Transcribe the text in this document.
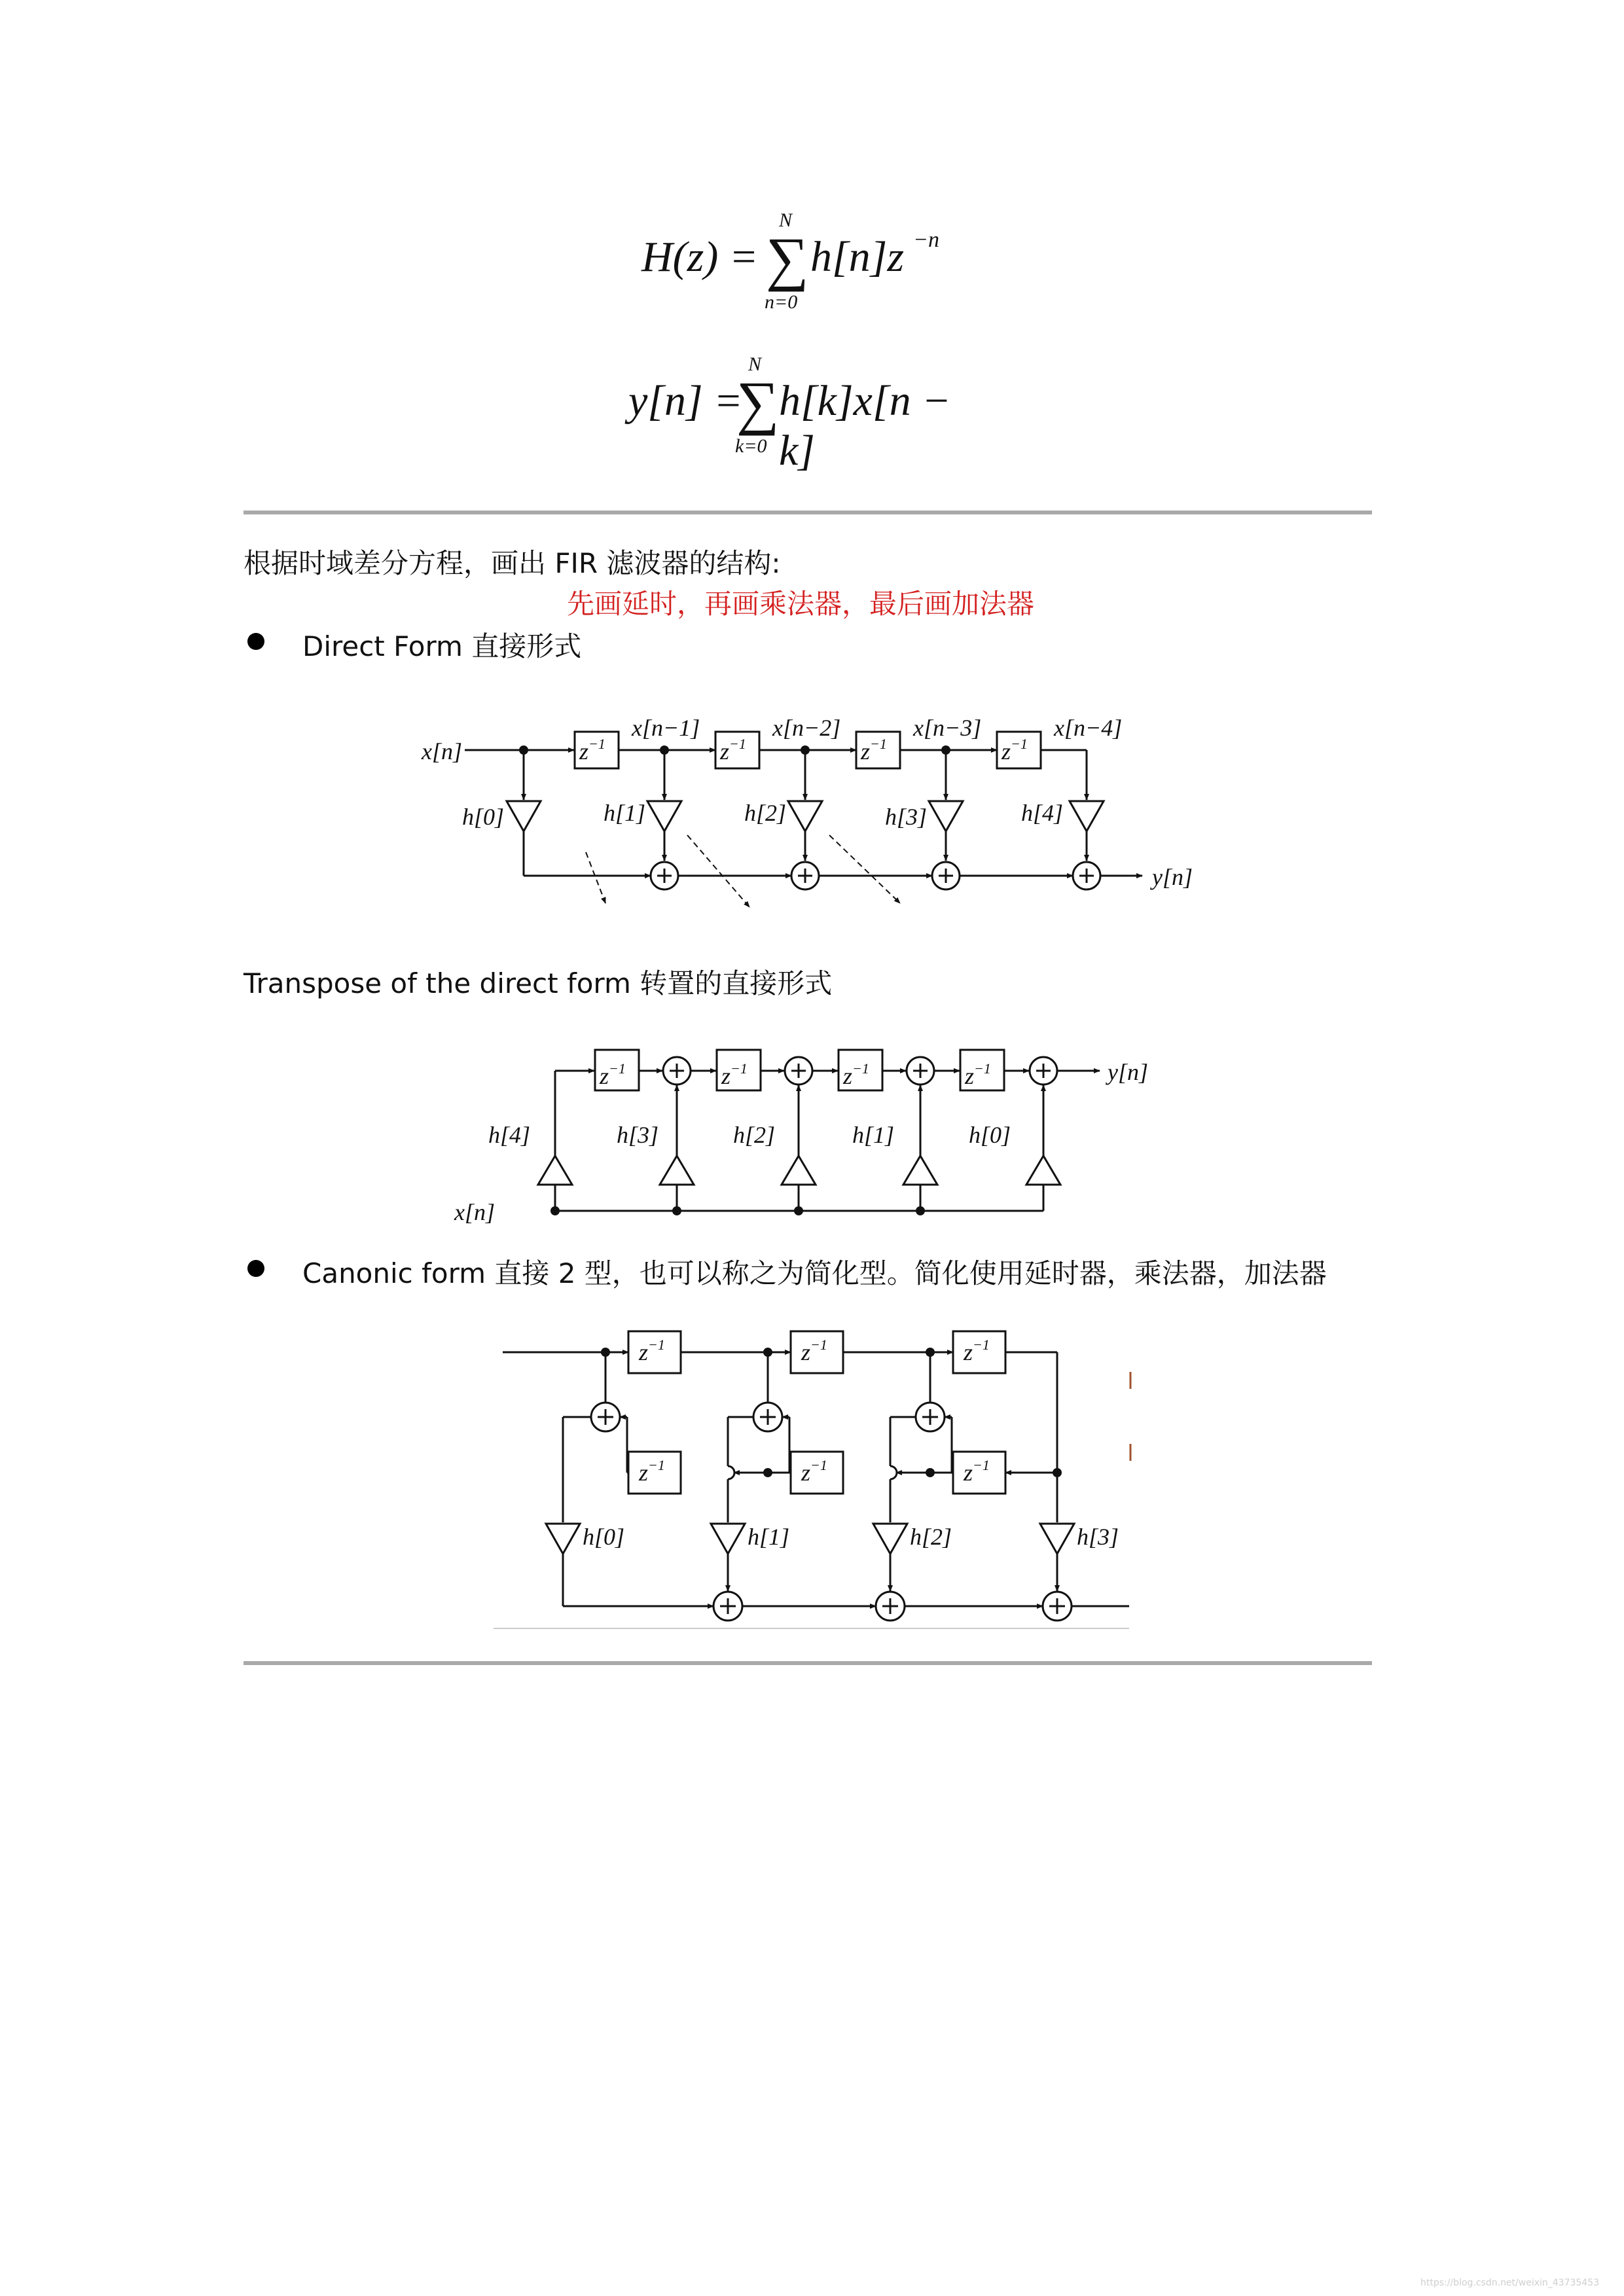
H(z) =
N
∑
n=0
h[n]z −n
y[n] =
N
∑
k=0
h[k]x[n − k]
根据时域差分方程，画出 FIR 滤波器的结构:
先画延时，再画乘法器，最后画加法器
Direct Form 直接形式
$z^{-1}$	$z^{-1}$	$z^{-1}$	$z^{-1}$
x[n]
x[n−1]	x[n−2]	x[n−3]	x[n−4]
h[0]	h[1]	h[2]	h[3]	h[4]
y[n]
Transpose of the direct form 转置的直接形式
$z^{-1}$	$z^{-1}$	$z^{-1}$	$z^{-1}$
h[4]	h[3]	h[2]	h[1]	h[0]
x[n]
y[n]
Canonic form 直接 2 型，也可以称之为简化型。简化使用延时器，乘法器，加法器
$z^{-1}$	$z^{-1}$	$z^{-1}$
$z^{-1}$	$z^{-1}$	$z^{-1}$
h[0]	h[1]	h[2]	h[3]
https://blog.csdn.net/weixin_43735453
